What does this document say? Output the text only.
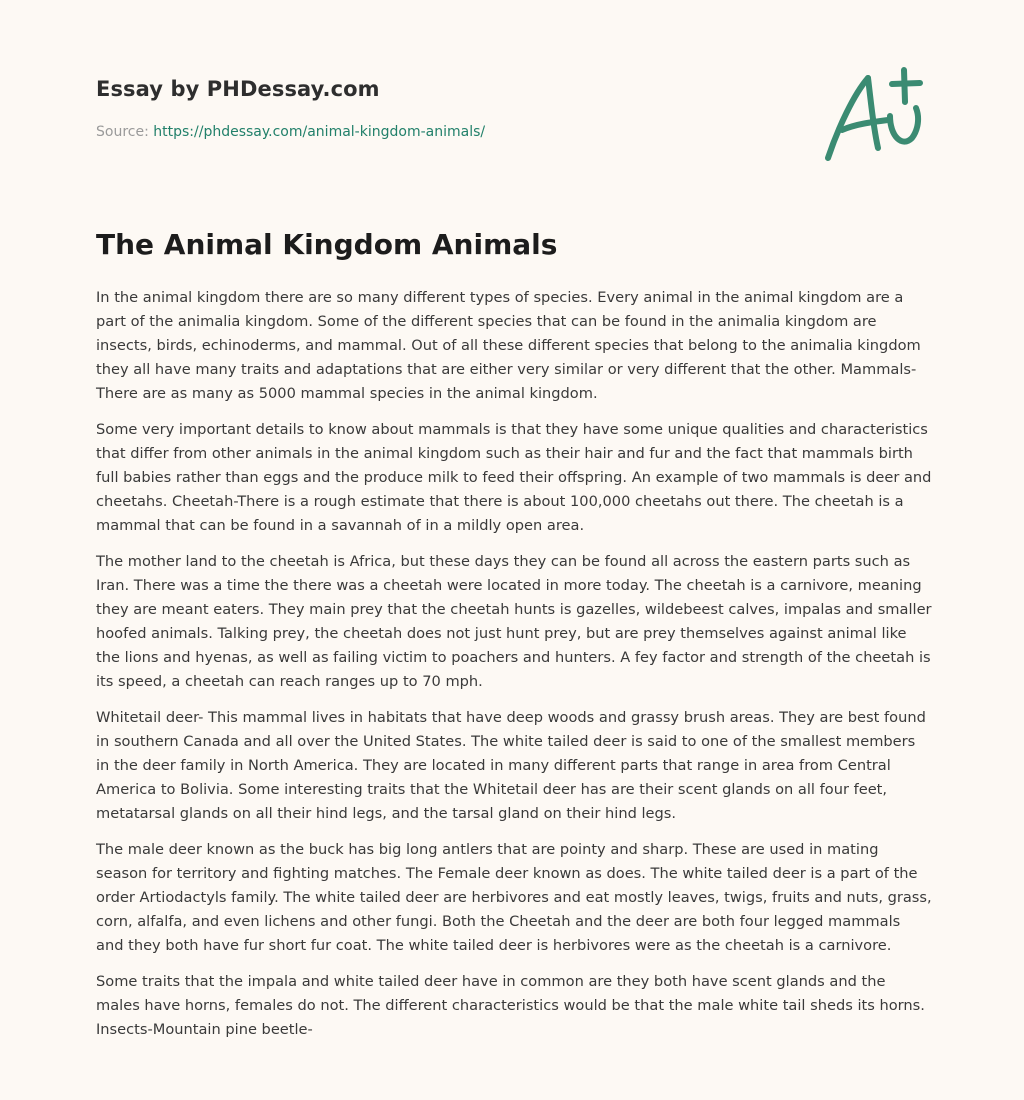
Essay by PHDessay.com
Source: https://phdessay.com/animal-kingdom-animals/
The Animal Kingdom Animals

In the animal kingdom there are so many different types of species. Every animal in the animal kingdom are a part of the animalia kingdom. Some of the different species that can be found in the animalia kingdom are insects, birds, echinoderms, and mammal. Out of all these different species that belong to the animalia kingdom they all have many traits and adaptations that are either very similar or very different that the other. Mammals-There are as many as 5000 mammal species in the animal kingdom.

Some very important details to know about mammals is that they have some unique qualities and characteristics that differ from other animals in the animal kingdom such as their hair and fur and the fact that mammals birth full babies rather than eggs and the produce milk to feed their offspring. An example of two mammals is deer and cheetahs. Cheetah-There is a rough estimate that there is about 100,000 cheetahs out there. The cheetah is a mammal that can be found in a savannah of in a mildly open area.

The mother land to the cheetah is Africa, but these days they can be found all across the eastern parts such as Iran. There was a time the there was a cheetah were located in more today. The cheetah is a carnivore, meaning they are meant eaters. They main prey that the cheetah hunts is gazelles, wildebeest calves, impalas and smaller hoofed animals. Talking prey, the cheetah does not just hunt prey, but are prey themselves against animal like the lions and hyenas, as well as failing victim to poachers and hunters. A fey factor and strength of the cheetah is its speed, a cheetah can reach ranges up to 70 mph.

Whitetail deer- This mammal lives in habitats that have deep woods and grassy brush areas. They are best found in southern Canada and all over the United States. The white tailed deer is said to one of the smallest members in the deer family in North America. They are located in many different parts that range in area from Central America to Bolivia. Some interesting traits that the Whitetail deer has are their scent glands on all four feet, metatarsal glands on all their hind legs, and the tarsal gland on their hind legs.

The male deer known as the buck has big long antlers that are pointy and sharp. These are used in mating season for territory and fighting matches. The Female deer known as does. The white tailed deer is a part of the order Artiodactyls family. The white tailed deer are herbivores and eat mostly leaves, twigs, fruits and nuts, grass, corn, alfalfa, and even lichens and other fungi. Both the Cheetah and the deer are both four legged mammals and they both have fur short fur coat. The white tailed deer is herbivores were as the cheetah is a carnivore.

Some traits that the impala and white tailed deer have in common are they both have scent glands and the males have horns, females do not. The different characteristics would be that the male white tail sheds its horns. Insects-Mountain pine beetle-
